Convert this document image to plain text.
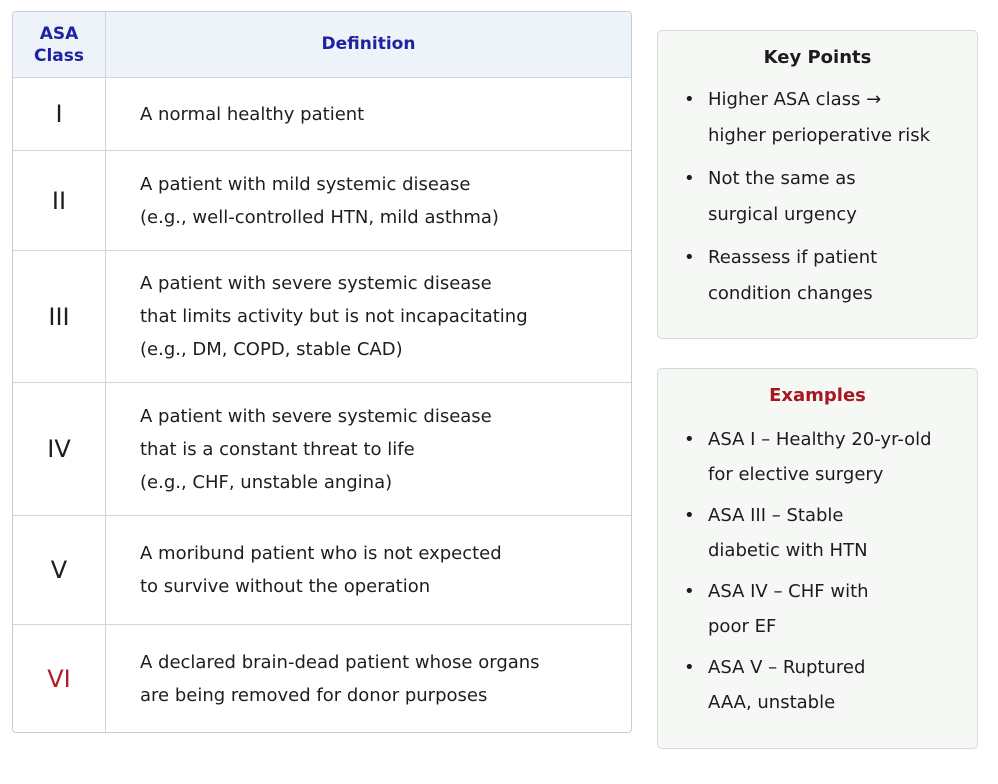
ASA
Class
Definition
I	A normal healthy patient
II
A patient with mild systemic disease
(e.g., well-controlled HTN, mild asthma)
III
A patient with severe systemic disease
that limits activity but is not incapacitating
(e.g., DM, COPD, stable CAD)
IV
A patient with severe systemic disease
that is a constant threat to life
(e.g., CHF, unstable angina)
V
A moribund patient who is not expected
to survive without the operation
VI
A declared brain-dead patient whose organs
are being removed for donor purposes
Key Points
• Higher ASA class →
higher perioperative risk
• Not the same as
surgical urgency
• Reassess if patient
condition changes
Examples
• ASA I – Healthy 20-yr-old
for elective surgery
• ASA III – Stable
diabetic with HTN
• ASA IV – CHF with
poor EF
• ASA V – Ruptured
AAA, unstable
